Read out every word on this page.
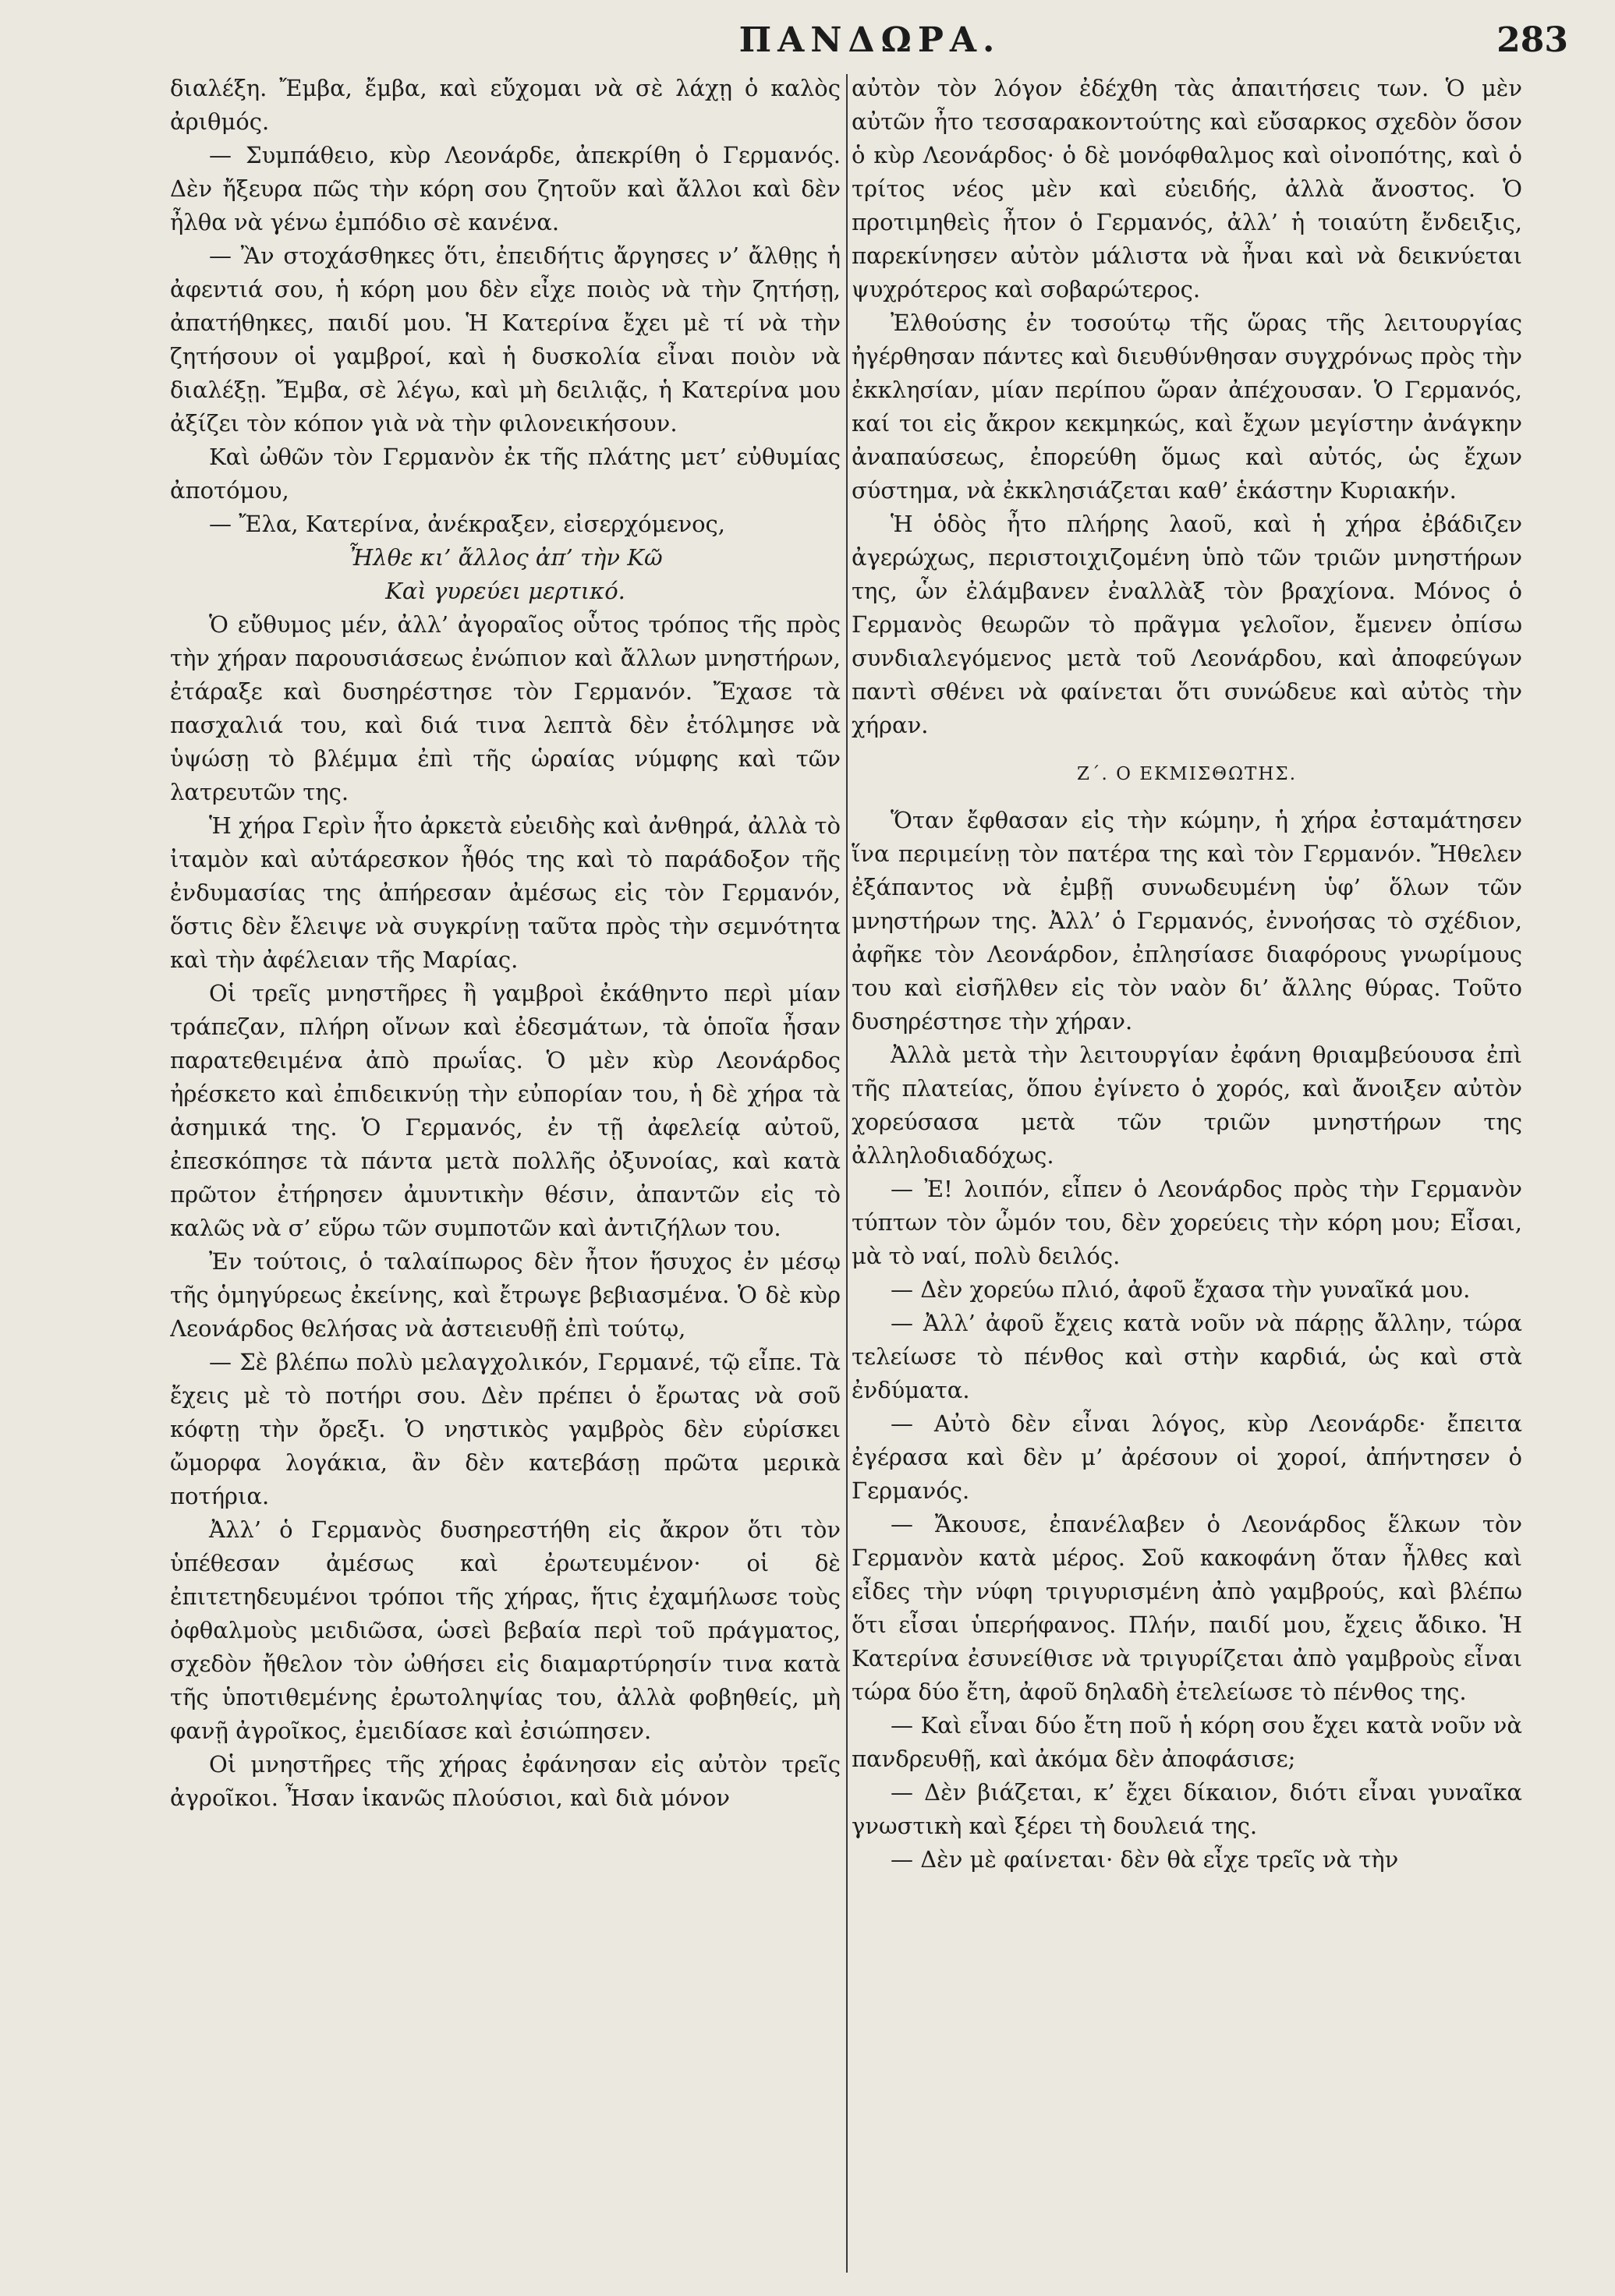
ΠΑΝΔΩΡΑ.	283

διαλέξη. Ἔμβα, ἔμβα, καὶ εὔχομαι νὰ σὲ λάχῃ ὁ καλὸς ἀριθμός.

— Συμπάθειο, κὺρ Λεονάρδε, ἀπεκρίθη ὁ Γερμανός. Δὲν ἤξευρα πῶς τὴν κόρη σου ζητοῦν καὶ ἄλλοι καὶ δὲν ἦλθα νὰ γένω ἐμπόδιο σὲ κανένα.

— Ἂν στοχάσθηκες ὅτι, ἐπειδήτις ἄργησες ν’ ἄλθῃς ἡ ἀφεντιά σου, ἡ κόρη μου δὲν εἶχε ποιὸς νὰ τὴν ζητήσῃ, ἀπατήθηκες, παιδί μου. Ἡ Κατερίνα ἔχει μὲ τί νὰ τὴν ζητήσουν οἱ γαμβροί, καὶ ἡ δυσκολία εἶναι ποιὸν νὰ διαλέξῃ. Ἔμβα, σὲ λέγω, καὶ μὴ δειλιᾷς, ἡ Κατερίνα μου ἀξίζει τὸν κόπον γιὰ νὰ τὴν φιλονεικήσουν.

Καὶ ὠθῶν τὸν Γερμανὸν ἐκ τῆς πλάτης μετ’ εὐθυμίας ἀποτόμου,

— Ἔλα, Κατερίνα, ἀνέκραξεν, εἰσερχόμενος,

Ἦλθε κι’ ἄλλος ἀπ’ τὴν Κῶ

Καὶ γυρεύει μερτικό.

Ὁ εὔθυμος μέν, ἀλλ’ ἀγοραῖος οὗτος τρόπος τῆς πρὸς τὴν χήραν παρουσιάσεως ἐνώπιον καὶ ἄλλων μνηστήρων, ἐτάραξε καὶ δυσηρέστησε τὸν Γερμανόν. Ἔχασε τὰ πασχαλιά του, καὶ διά τινα λεπτὰ δὲν ἐτόλμησε νὰ ὑψώσῃ τὸ βλέμμα ἐπὶ τῆς ὡραίας νύμφης καὶ τῶν λατρευτῶν της.

Ἡ χήρα Γερὶν ἦτο ἀρκετὰ εὐειδὴς καὶ ἀνθηρά, ἀλλὰ τὸ ἰταμὸν καὶ αὐτάρεσκον ἦθός της καὶ τὸ παράδοξον τῆς ἐνδυμασίας της ἀπήρεσαν ἀμέσως εἰς τὸν Γερμανόν, ὅστις δὲν ἔλειψε νὰ συγκρίνῃ ταῦτα πρὸς τὴν σεμνότητα καὶ τὴν ἀφέλειαν τῆς Μαρίας.

Οἱ τρεῖς μνηστῆρες ἢ γαμβροὶ ἐκάθηντο περὶ μίαν τράπεζαν, πλήρη οἴνων καὶ ἐδεσμάτων, τὰ ὁποῖα ἦσαν παρατεθειμένα ἀπὸ πρωΐας. Ὁ μὲν κὺρ Λεονάρδος ἠρέσκετο καὶ ἐπιδεικνύῃ τὴν εὐπορίαν του, ἡ δὲ χήρα τὰ ἀσημικά της. Ὁ Γερμανός, ἐν τῇ ἀφελείᾳ αὐτοῦ, ἐπεσκόπησε τὰ πάντα μετὰ πολλῆς ὀξυνοίας, καὶ κατὰ πρῶτον ἐτήρησεν ἀμυντικὴν θέσιν, ἀπαντῶν εἰς τὸ καλῶς νὰ σ’ εὕρω τῶν συμποτῶν καὶ ἀντιζήλων του.

Ἐν τούτοις, ὁ ταλαίπωρος δὲν ἦτον ἥσυχος ἐν μέσῳ τῆς ὁμηγύρεως ἐκείνης, καὶ ἔτρωγε βεβιασμένα. Ὁ δὲ κὺρ Λεονάρδος θελήσας νὰ ἀστειευθῇ ἐπὶ τούτῳ,

— Σὲ βλέπω πολὺ μελαγχολικόν, Γερμανέ, τῷ εἶπε. Τὰ ἔχεις μὲ τὸ ποτήρι σου. Δὲν πρέπει ὁ ἔρωτας νὰ σοῦ κόφτῃ τὴν ὄρεξι. Ὁ νηστικὸς γαμβρὸς δὲν εὑρίσκει ὤμορφα λογάκια, ἂν δὲν κατεβάσῃ πρῶτα μερικὰ ποτήρια.

Ἀλλ’ ὁ Γερμανὸς δυσηρεστήθη εἰς ἄκρον ὅτι τὸν ὑπέθεσαν ἀμέσως καὶ ἐρωτευμένον· οἱ δὲ ἐπιτετηδευμένοι τρόποι τῆς χήρας, ἥτις ἐχαμήλωσε τοὺς ὀφθαλμοὺς μειδιῶσα, ὡσεὶ βεβαία περὶ τοῦ πράγματος, σχεδὸν ἤθελον τὸν ὠθήσει εἰς διαμαρτύρησίν τινα κατὰ τῆς ὑποτιθεμένης ἐρωτοληψίας του, ἀλλὰ φοβηθείς, μὴ φανῇ ἀγροῖκος, ἐμειδίασε καὶ ἐσιώπησεν.

Οἱ μνηστῆρες τῆς χήρας ἐφάνησαν εἰς αὐτὸν τρεῖς ἀγροῖκοι. Ἦσαν ἱκανῶς πλούσιοι, καὶ διὰ μόνον

αὐτὸν τὸν λόγον ἐδέχθη τὰς ἀπαιτήσεις των. Ὁ μὲν αὐτῶν ἦτο τεσσαρακοντούτης καὶ εὔσαρκος σχεδὸν ὅσον ὁ κὺρ Λεονάρδος· ὁ δὲ μονόφθαλμος καὶ οἰνοπότης, καὶ ὁ τρίτος νέος μὲν καὶ εὐειδής, ἀλλὰ ἄνοστος. Ὁ προτιμηθεὶς ἦτον ὁ Γερμανός, ἀλλ’ ἡ τοιαύτη ἔνδειξις, παρεκίνησεν αὐτὸν μάλιστα νὰ ἦναι καὶ νὰ δεικνύεται ψυχρότερος καὶ σοβαρώτερος.

Ἐλθούσης ἐν τοσούτῳ τῆς ὥρας τῆς λειτουργίας ἠγέρθησαν πάντες καὶ διευθύνθησαν συγχρόνως πρὸς τὴν ἐκκλησίαν, μίαν περίπου ὥραν ἀπέχουσαν. Ὁ Γερμανός, καί τοι εἰς ἄκρον κεκμηκώς, καὶ ἔχων μεγίστην ἀνάγκην ἀναπαύσεως, ἐπορεύθη ὅμως καὶ αὐτός, ὡς ἔχων σύστημα, νὰ ἐκκλησιάζεται καθ’ ἑκάστην Κυριακήν.

Ἡ ὁδὸς ἦτο πλήρης λαοῦ, καὶ ἡ χήρα ἐβάδιζεν ἀγερώχως, περιστοιχιζομένη ὑπὸ τῶν τριῶν μνηστήρων της, ὧν ἐλάμβανεν ἐναλλὰξ τὸν βραχίονα. Μόνος ὁ Γερμανὸς θεωρῶν τὸ πρᾶγμα γελοῖον, ἔμενεν ὀπίσω συνδιαλεγόμενος μετὰ τοῦ Λεονάρδου, καὶ ἀποφεύγων παντὶ σθένει νὰ φαίνεται ὅτι συνώδευε καὶ αὐτὸς τὴν χήραν.

Ζ΄. Ο ΕΚΜΙΣΘΩΤΗΣ.

Ὅταν ἔφθασαν εἰς τὴν κώμην, ἡ χήρα ἐσταμάτησεν ἵνα περιμείνῃ τὸν πατέρα της καὶ τὸν Γερμανόν. Ἤθελεν ἐξάπαντος νὰ ἐμβῇ συνωδευμένη ὑφ’ ὅλων τῶν μνηστήρων της. Ἀλλ’ ὁ Γερμανός, ἐννοήσας τὸ σχέδιον, ἀφῆκε τὸν Λεονάρδον, ἐπλησίασε διαφόρους γνωρίμους του καὶ εἰσῆλθεν εἰς τὸν ναὸν δι’ ἄλλης θύρας. Τοῦτο δυσηρέστησε τὴν χήραν.

Ἀλλὰ μετὰ τὴν λειτουργίαν ἐφάνη θριαμβεύουσα ἐπὶ τῆς πλατείας, ὅπου ἐγίνετο ὁ χορός, καὶ ἄνοιξεν αὐτὸν χορεύσασα μετὰ τῶν τριῶν μνηστήρων της ἀλληλοδιαδόχως.

— Ἐ! λοιπόν, εἶπεν ὁ Λεονάρδος πρὸς τὴν Γερμανὸν τύπτων τὸν ὦμόν του, δὲν χορεύεις τὴν κόρη μου; Εἶσαι, μὰ τὸ ναί, πολὺ δειλός.

— Δὲν χορεύω πλιό, ἀφοῦ ἔχασα τὴν γυναῖκά μου.

— Ἀλλ’ ἀφοῦ ἔχεις κατὰ νοῦν νὰ πάρῃς ἄλλην, τώρα τελείωσε τὸ πένθος καὶ στὴν καρδιά, ὡς καὶ στὰ ἐνδύματα.

— Αὐτὸ δὲν εἶναι λόγος, κὺρ Λεονάρδε· ἔπειτα ἐγέρασα καὶ δὲν μ’ ἀρέσουν οἱ χοροί, ἀπήντησεν ὁ Γερμανός.

— Ἄκουσε, ἐπανέλαβεν ὁ Λεονάρδος ἕλκων τὸν Γερμανὸν κατὰ μέρος. Σοῦ κακοφάνη ὅταν ἦλθες καὶ εἶδες τὴν νύφη τριγυρισμένη ἀπὸ γαμβρούς, καὶ βλέπω ὅτι εἶσαι ὑπερήφανος. Πλήν, παιδί μου, ἔχεις ἄδικο. Ἡ Κατερίνα ἐσυνείθισε νὰ τριγυρίζεται ἀπὸ γαμβροὺς εἶναι τώρα δύο ἔτη, ἀφοῦ δηλαδὴ ἐτελείωσε τὸ πένθος της.

— Καὶ εἶναι δύο ἔτη ποῦ ἡ κόρη σου ἔχει κατὰ νοῦν νὰ πανδρευθῇ, καὶ ἀκόμα δὲν ἀποφάσισε;

— Δὲν βιάζεται, κ’ ἔχει δίκαιον, διότι εἶναι γυναῖκα γνωστικὴ καὶ ξέρει τὴ δουλειά της.

— Δὲν μὲ φαίνεται· δὲν θὰ εἶχε τρεῖς νὰ τὴν
